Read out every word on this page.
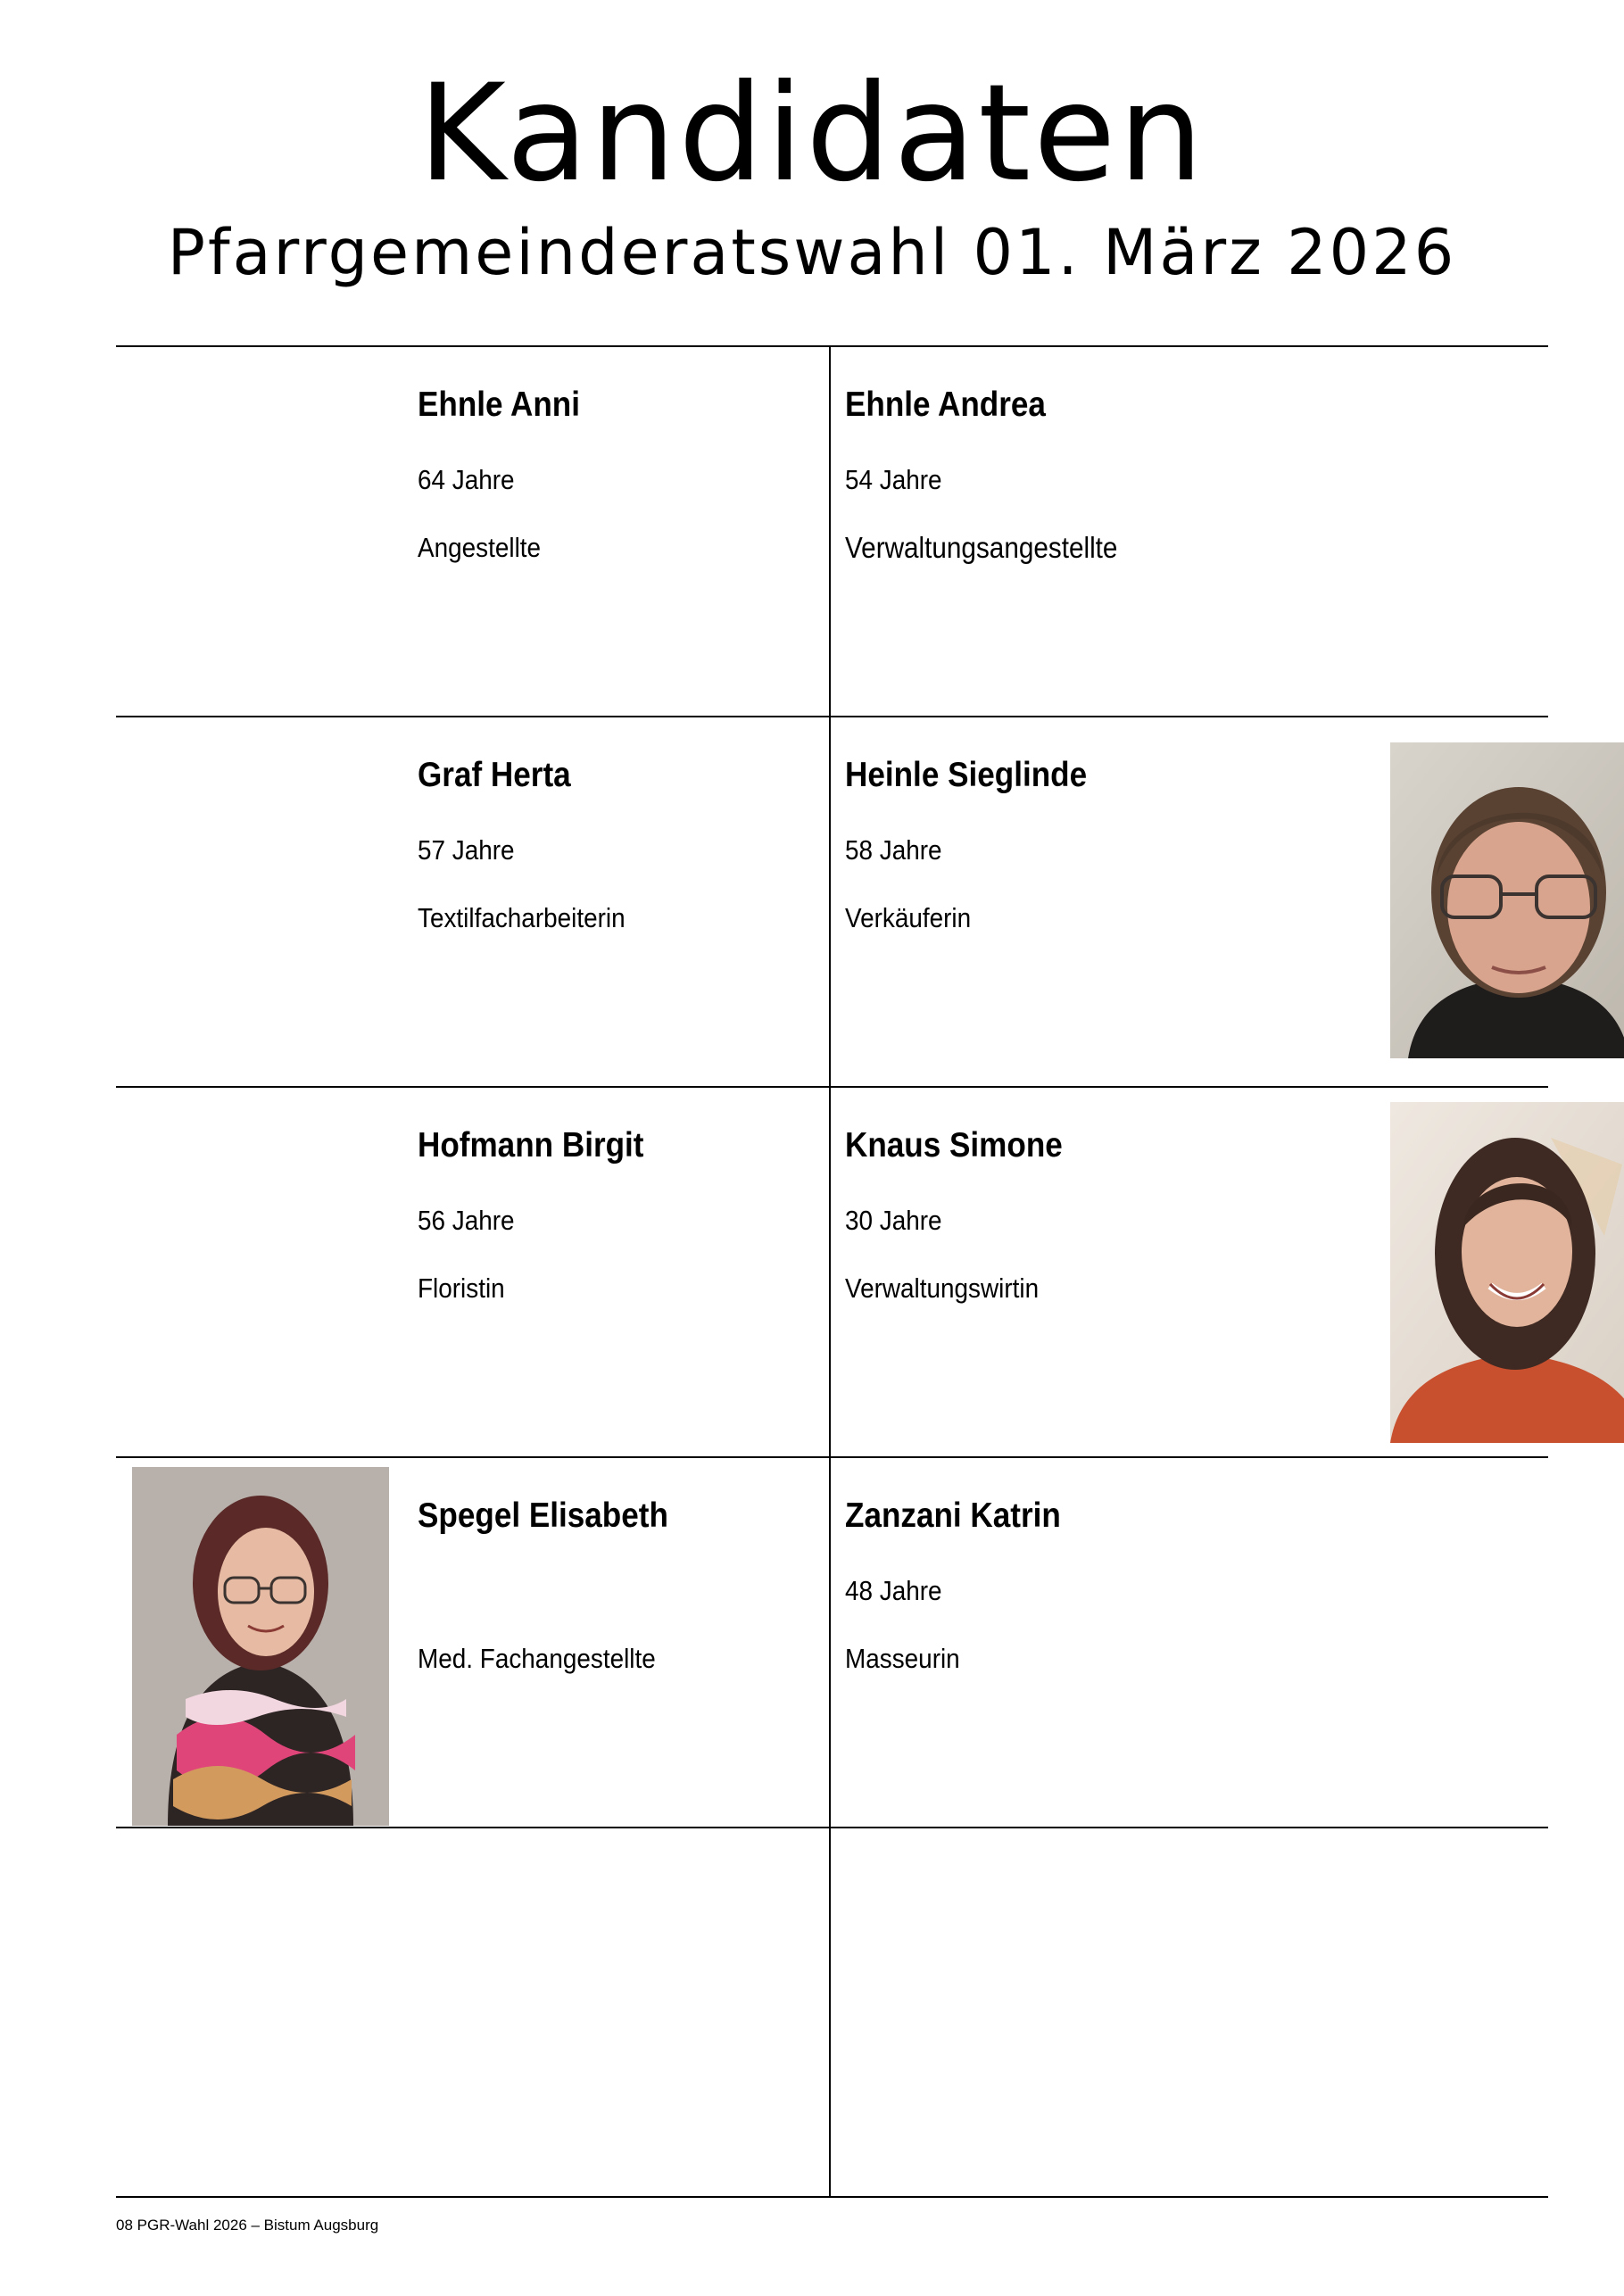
Kandidaten
Pfarrgemeinderatswahl 01. März 2026
Ehnle Anni
64 Jahre
Angestellte
Ehnle Andrea
54 Jahre
Verwaltungsangestellte
Graf Herta
57 Jahre
Textilfacharbeiterin
Heinle Sieglinde
58 Jahre
Verkäuferin
Hofmann Birgit
56 Jahre
Floristin
Knaus Simone
30 Jahre
Verwaltungswirtin
Spegel Elisabeth
Med. Fachangestellte
Zanzani Katrin
48 Jahre
Masseurin
08 PGR-Wahl 2026 – Bistum Augsburg
